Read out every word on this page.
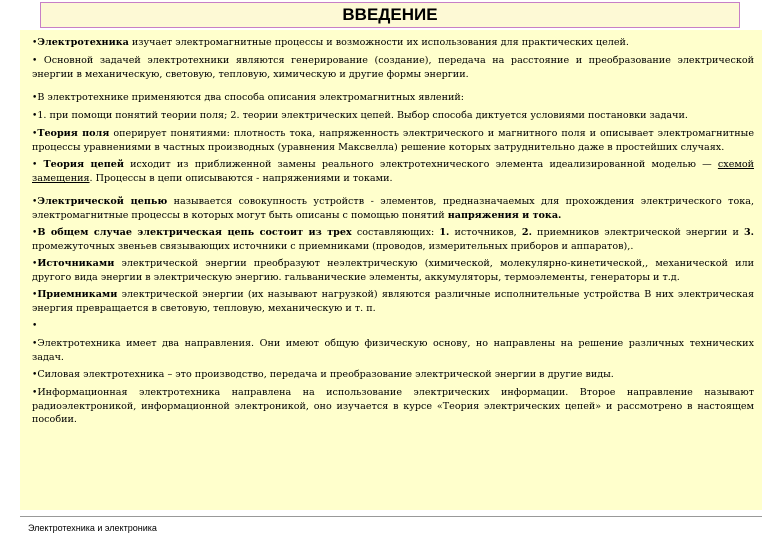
ВВЕДЕНИЕ

•Электротехника изучает электромагнитные процессы и возможности их использования для практических целей.

• Основной задачей электротехники являются генерирование (создание), передача на расстояние и преобразование электрической энергии в механическую, световую, тепловую, химическую и другие формы энергии.

•В электротехнике применяются два способа описания электромагнитных явлений:

•1. при помощи понятий теории поля; 2. теории электрических цепей. Выбор способа диктуется условиями постановки задачи.

•Теория поля оперирует понятиями: плотность тока, напряженность электрического и магнитного поля и описывает электромагнитные процессы уравнениями в частных производных (уравнения Максвелла) решение которых затруднительно даже в простейших случаях.

• Теория цепей исходит из приближенной замены реального электротехнического элемента идеализированной моделью — схемой замещения. Процессы в цепи описываются - напряжениями и токами.

•Электрической цепью называется совокупность устройств - элементов, предназначаемых для прохождения электрического тока, электромагнитные процессы в которых могут быть описаны с помощью понятий напряжения и тока.

•В общем случае электрическая цепь состоит из трех составляющих: 1. источников, 2. приемников электрической энергии и 3. промежуточных звеньев связывающих источники с приемниками (проводов, измерительных приборов и аппаратов),.

•Источниками электрической энергии преобразуют неэлектрическую (химической, молекулярно-кинетической,, механической или другого вида энергии в электрическую энергию. гальванические элементы, аккумуляторы, термоэлементы, генераторы и т.д.

•Приемниками электрической энергии (их называют нагрузкой) являются различные исполнительные устройства В них электрическая энергия превращается в световую, тепловую, механическую и т. п.

•

•Электротехника имеет два направления. Они имеют общую физическую основу, но направлены на решение различных технических задач.

•Силовая электротехника – это производство, передача и преобразование электрической энергии в другие виды.

•Информационная электротехника направлена на использование электрических информации. Второе направление называют радиоэлектроникой, информационной электроникой, оно изучается в курсе «Теория электрических цепей» и рассмотрено в настоящем пособии.

Электротехника и электроника
